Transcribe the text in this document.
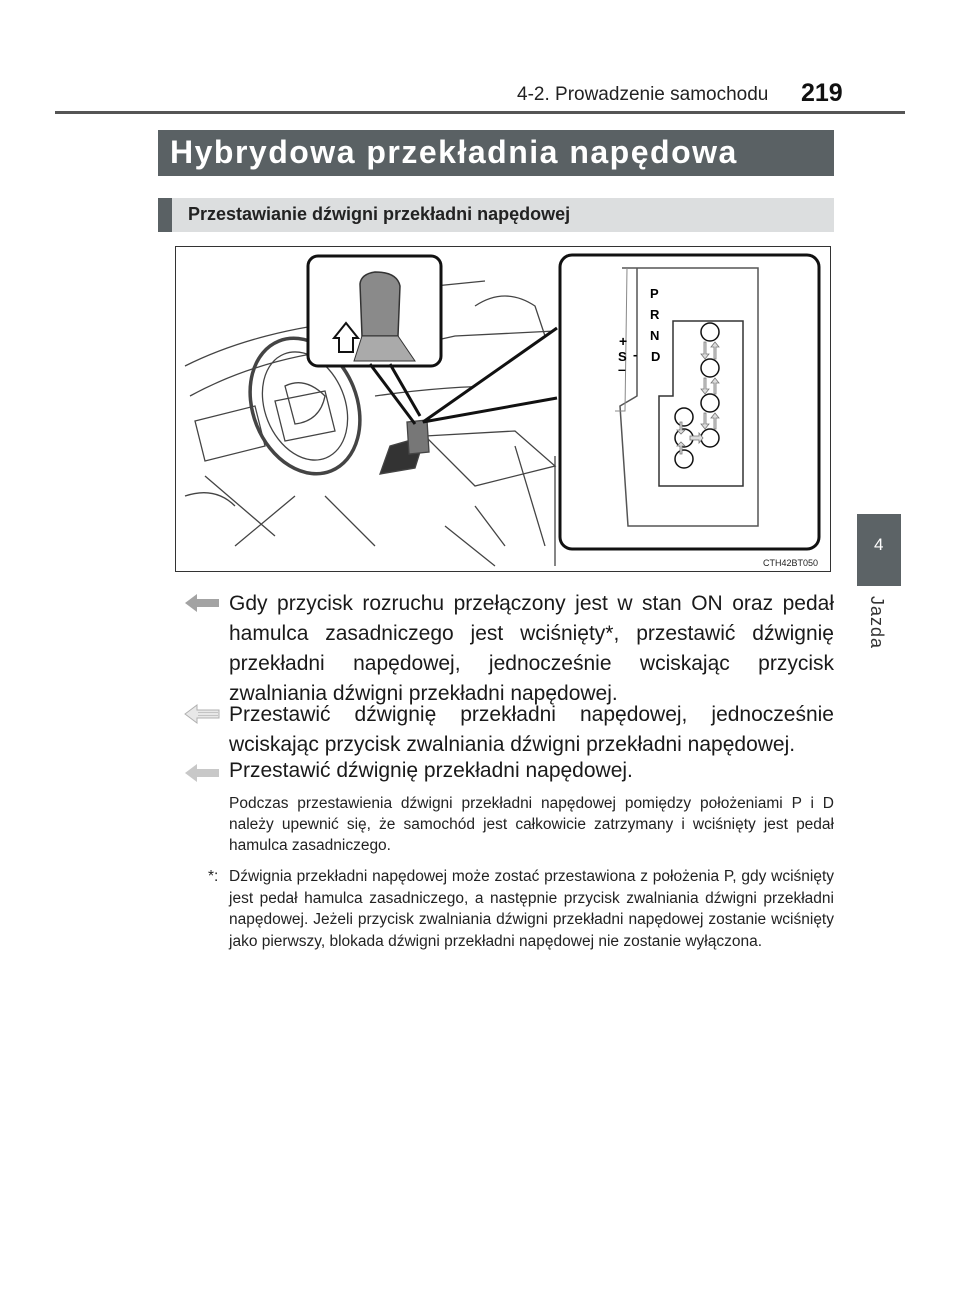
4-2. Prowadzenie samochodu 219
4
Jazda
Hybrydowa przekładnia napędowa
Przestawianie dźwigni przekładni napędowej
P
R
N
D
S -
+
–
CTH42BT050
Gdy przycisk rozruchu przełączony jest w stan ON oraz pedał hamulca zasadniczego jest wciśnięty*, przestawić dźwignię przekładni napędowej, jednocześnie wciskając przycisk zwalniania dźwigni przekładni napędowej.
Przestawić dźwignię przekładni napędowej, jednocześnie wciskając przycisk zwalniania dźwigni przekładni napędowej.
Przestawić dźwignię przekładni napędowej.
Podczas przestawienia dźwigni przekładni napędowej pomiędzy położeniami P i D należy upewnić się, że samochód jest całkowicie zatrzymany i wciśnięty jest pedał hamulca zasadniczego.
*: Dźwignia przekładni napędowej może zostać przestawiona z położenia P, gdy wciśnięty jest pedał hamulca zasadniczego, a następnie przycisk zwalniania dźwigni przekładni napędowej. Jeżeli przycisk zwalniania dźwigni przekładni napędowej zostanie wciśnięty jako pierwszy, blokada dźwigni przekładni napędowej nie zostanie wyłączona.
